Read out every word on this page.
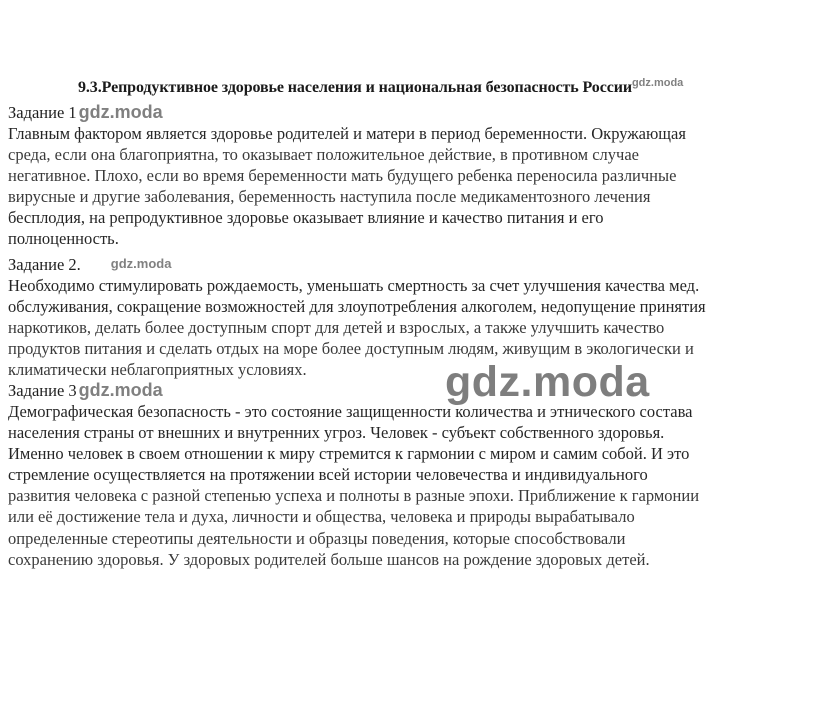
9.3.Репродуктивное здоровье населения и национальная безопасность России$^{gdz.moda}$
Задание 1 gdz.moda
Главным фактором является здоровье родителей и матери в период беременности. Окружающая
среда, если она благоприятна, то оказывает положительное действие, в противном случае
негативное. Плохо, если во время беременности мать будущего ребенка переносила различные
вирусные и другие заболевания, беременность наступила после медикаментозного лечения
бесплодия, на репродуктивное здоровье оказывает влияние и качество питания и его
полноценность.
Задание 2. gdz.moda
Необходимо стимулировать рождаемость, уменьшать смертность за счет улучшения качества мед.
обслуживания, сокращение возможностей для злоупотребления алкоголем, недопущение принятия
наркотиков, делать более доступным спорт для детей и взрослых, а также улучшить качество
продуктов питания и сделать отдых на море более доступным людям, живущим в экологически и
климатически неблагоприятных условиях.
Задание 3 gdz.moda
Демографическая безопасность - это состояние защищенности количества и этнического состава
населения страны от внешних и внутренних угроз. Человек - субъект собственного здоровья.
Именно человек в своем отношении к миру стремится к гармонии с миром и самим собой. И это
стремление осуществляется на протяжении всей истории человечества и индивидуального
развития человека с разной степенью успеха и полноты в разные эпохи. Приближение к гармонии
или её достижение тела и духа, личности и общества, человека и природы вырабатывало
определенные стереотипы деятельности и образцы поведения, которые способствовали
сохранению здоровья. У здоровых родителей больше шансов на рождение здоровых детей.
gdz.moda
